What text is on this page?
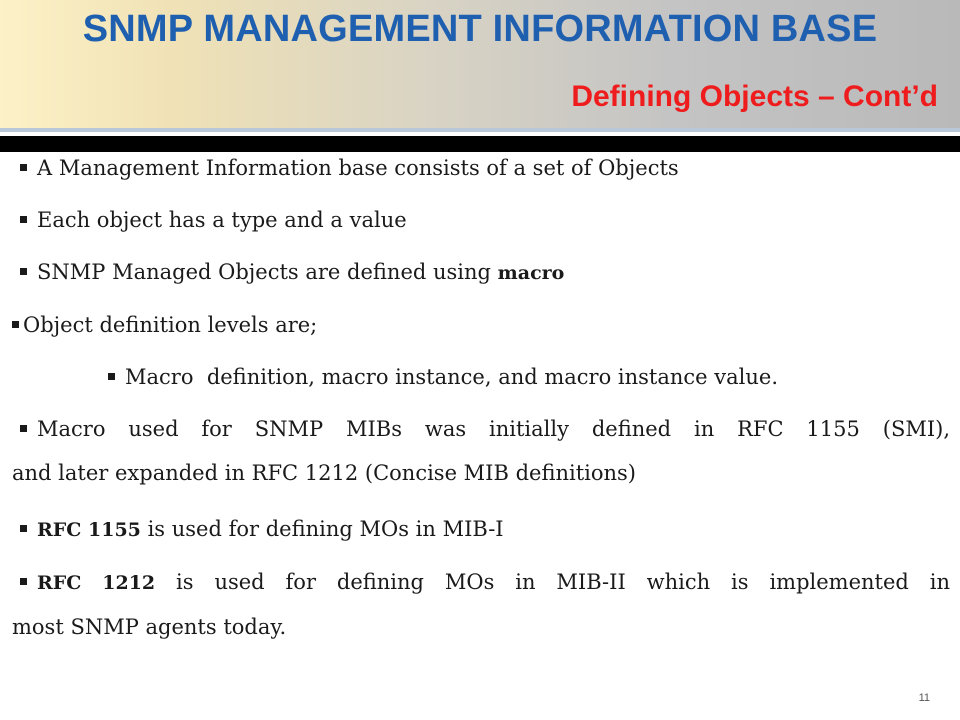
SNMP MANAGEMENT INFORMATION BASE
Defining Objects – Cont’d
A Management Information base consists of a set of Objects
Each object has a type and a value
SNMP Managed Objects are defined using macro
Object definition levels are;
Macro  definition, macro instance, and macro instance value.
Macro used for SNMP MIBs was initially defined in RFC 1155 (SMI),
and later expanded in RFC 1212 (Concise MIB definitions)
RFC 1155 is used for defining MOs in MIB-I
RFC 1212 is used for defining MOs in MIB-II which is implemented in
most SNMP agents today.
11
